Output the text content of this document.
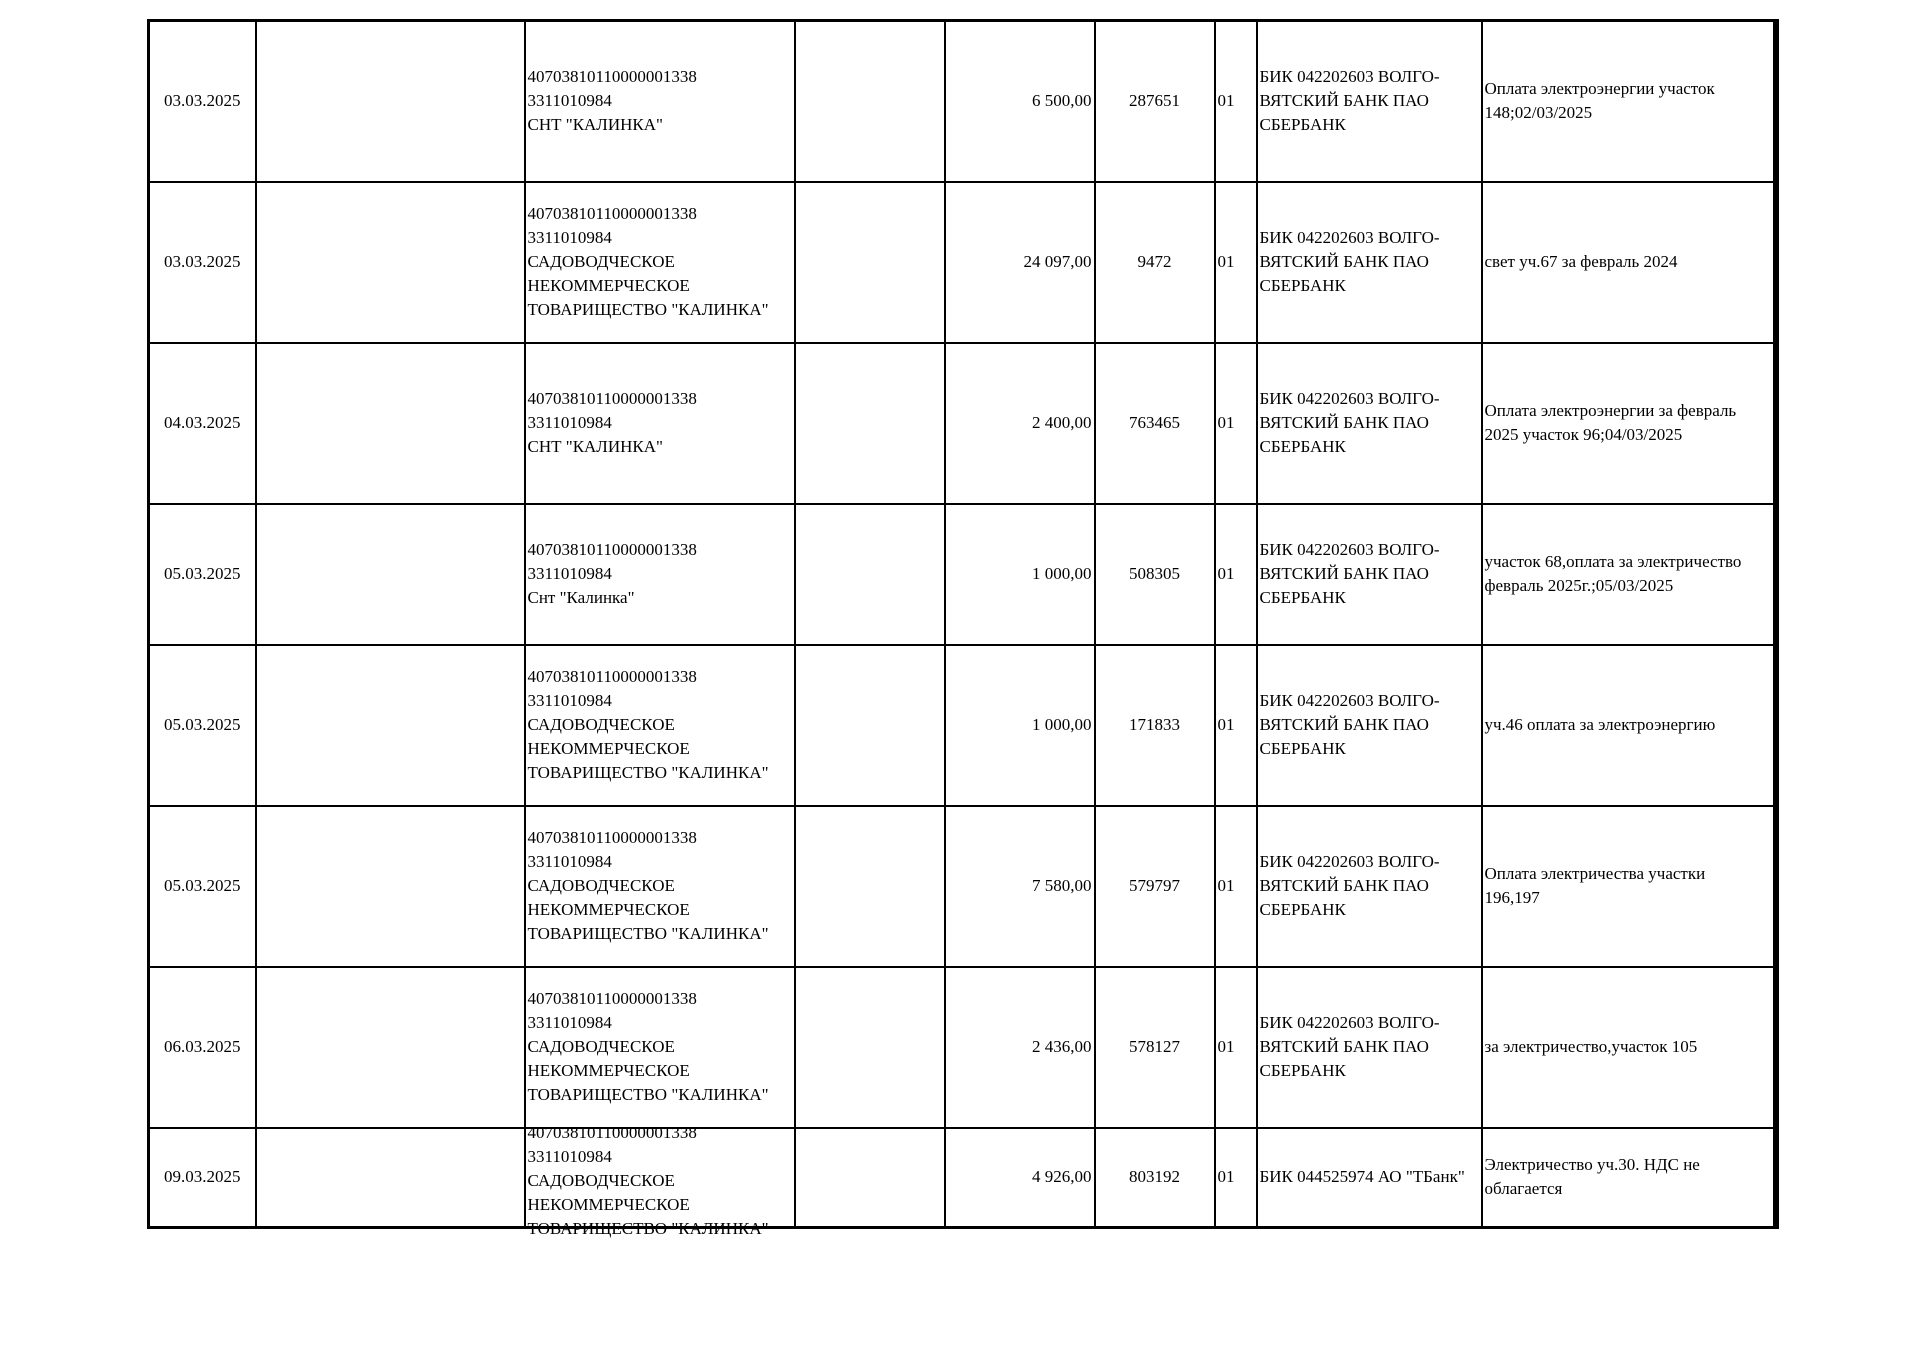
03.03.2025		40703810110000001338
3311010984
СНТ "КАЛИНКА"		6 500,00	287651	01	БИК 042202603 ВОЛГО-
ВЯТСКИЙ БАНК ПАО
СБЕРБАНК	Оплата электроэнергии участок
148;02/03/2025

03.03.2025		40703810110000001338
3311010984
САДОВОДЧЕСКОЕ
НЕКОММЕРЧЕСКОЕ
ТОВАРИЩЕСТВО "КАЛИНКА"		24 097,00	9472	01	БИК 042202603 ВОЛГО-
ВЯТСКИЙ БАНК ПАО
СБЕРБАНК	свет уч.67 за февраль 2024

04.03.2025		40703810110000001338
3311010984
СНТ "КАЛИНКА"		2 400,00	763465	01	БИК 042202603 ВОЛГО-
ВЯТСКИЙ БАНК ПАО
СБЕРБАНК	Оплата электроэнергии за февраль
2025 участок 96;04/03/2025

05.03.2025		40703810110000001338
3311010984
Снт "Калинка"		1 000,00	508305	01	БИК 042202603 ВОЛГО-
ВЯТСКИЙ БАНК ПАО
СБЕРБАНК	участок 68,оплата за электричество
февраль 2025г.;05/03/2025

05.03.2025		40703810110000001338
3311010984
САДОВОДЧЕСКОЕ
НЕКОММЕРЧЕСКОЕ
ТОВАРИЩЕСТВО "КАЛИНКА"		1 000,00	171833	01	БИК 042202603 ВОЛГО-
ВЯТСКИЙ БАНК ПАО
СБЕРБАНК	уч.46 оплата за электроэнергию

05.03.2025		40703810110000001338
3311010984
САДОВОДЧЕСКОЕ
НЕКОММЕРЧЕСКОЕ
ТОВАРИЩЕСТВО "КАЛИНКА"		7 580,00	579797	01	БИК 042202603 ВОЛГО-
ВЯТСКИЙ БАНК ПАО
СБЕРБАНК	Оплата электричества участки
196,197

06.03.2025		40703810110000001338
3311010984
САДОВОДЧЕСКОЕ
НЕКОММЕРЧЕСКОЕ
ТОВАРИЩЕСТВО "КАЛИНКА"		2 436,00	578127	01	БИК 042202603 ВОЛГО-
ВЯТСКИЙ БАНК ПАО
СБЕРБАНК	за электричество,участок 105

09.03.2025		40703810110000001338
3311010984
САДОВОДЧЕСКОЕ
НЕКОММЕРЧЕСКОЕ
ТОВАРИЩЕСТВО "КАЛИНКА"		4 926,00	803192	01	БИК 044525974 АО "ТБанк"	Электричество уч.30. НДС не
облагается
